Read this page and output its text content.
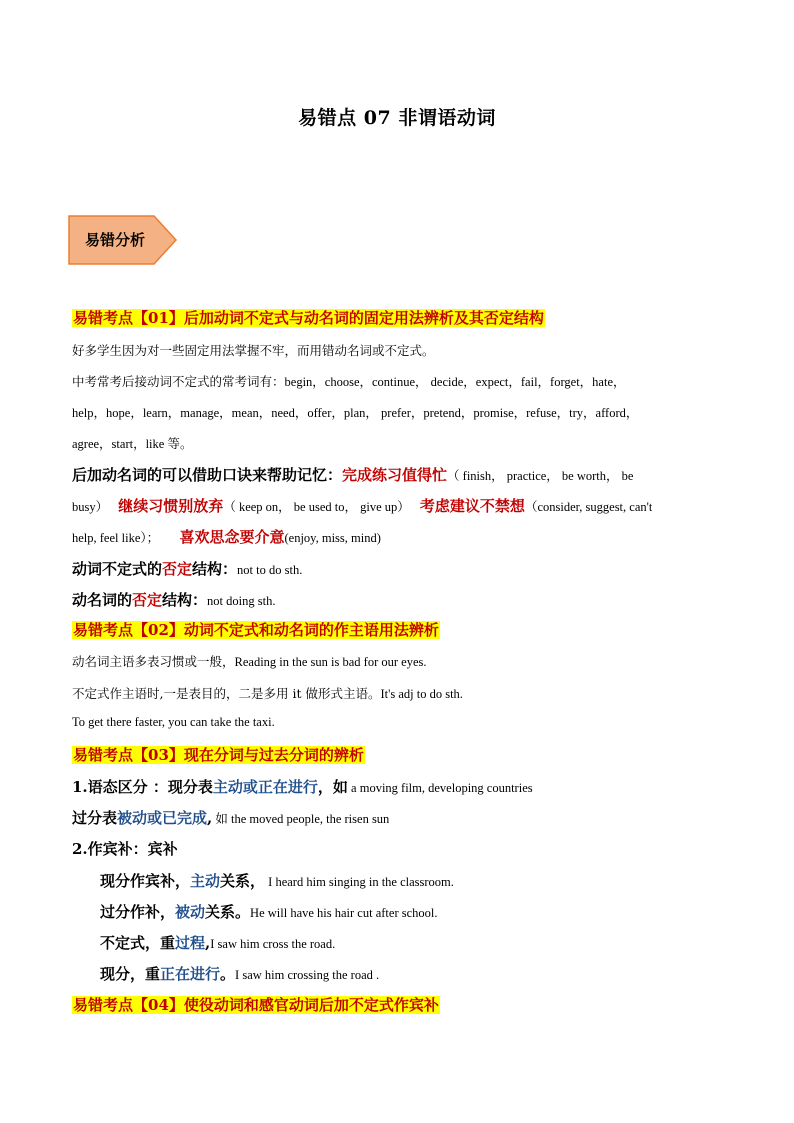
易错点 07 非谓语动词
易错分析
易错考点【01】后加动词不定式与动名词的固定用法辨析及其否定结构
好多学生因为对一些固定用法掌握不牢，而用错动名词或不定式。
中考常考后接动词不定式的常考词有：begin，choose，continue， decide，expect，fail，forget，hate，
help，hope，learn，manage，mean，need，offer，plan， prefer，pretend，promise，refuse，try，afford，
agree，start，like 等。
后加动名词的可以借助口诀来帮助记忆：完成练习值得忙（ finish， practice， be worth， be
busy） 继续习惯别放弃（ keep on， be used to， give up） 考虑建议不禁想（consider, suggest, can't
help, feel like）； 喜欢思念要介意(enjoy, miss, mind)
动词不定式的否定结构：not to do sth.
动名词的否定结构：not doing sth.
易错考点【02】动词不定式和动名词的作主语用法辨析
动名词主语多表习惯或一般，Reading in the sun is bad for our eyes.
不定式作主语时,一是表目的，二是多用 it 做形式主语。It's adj to do sth.
To get there faster, you can take the taxi.
易错考点【03】现在分词与过去分词的辨析
1.语态区分 ：现分表主动或正在进行，如 a moving film, developing countries
过分表被动或已完成, 如 the moved people, the risen sun
2.作宾补：宾补
现分作宾补，主动关系， I heard him singing in the classroom.
过分作补，被动关系。He will have his hair cut after school.
不定式，重过程,I saw him cross the road.
现分，重正在进行。I saw him crossing the road .
易错考点【04】使役动词和感官动词后加不定式作宾补
